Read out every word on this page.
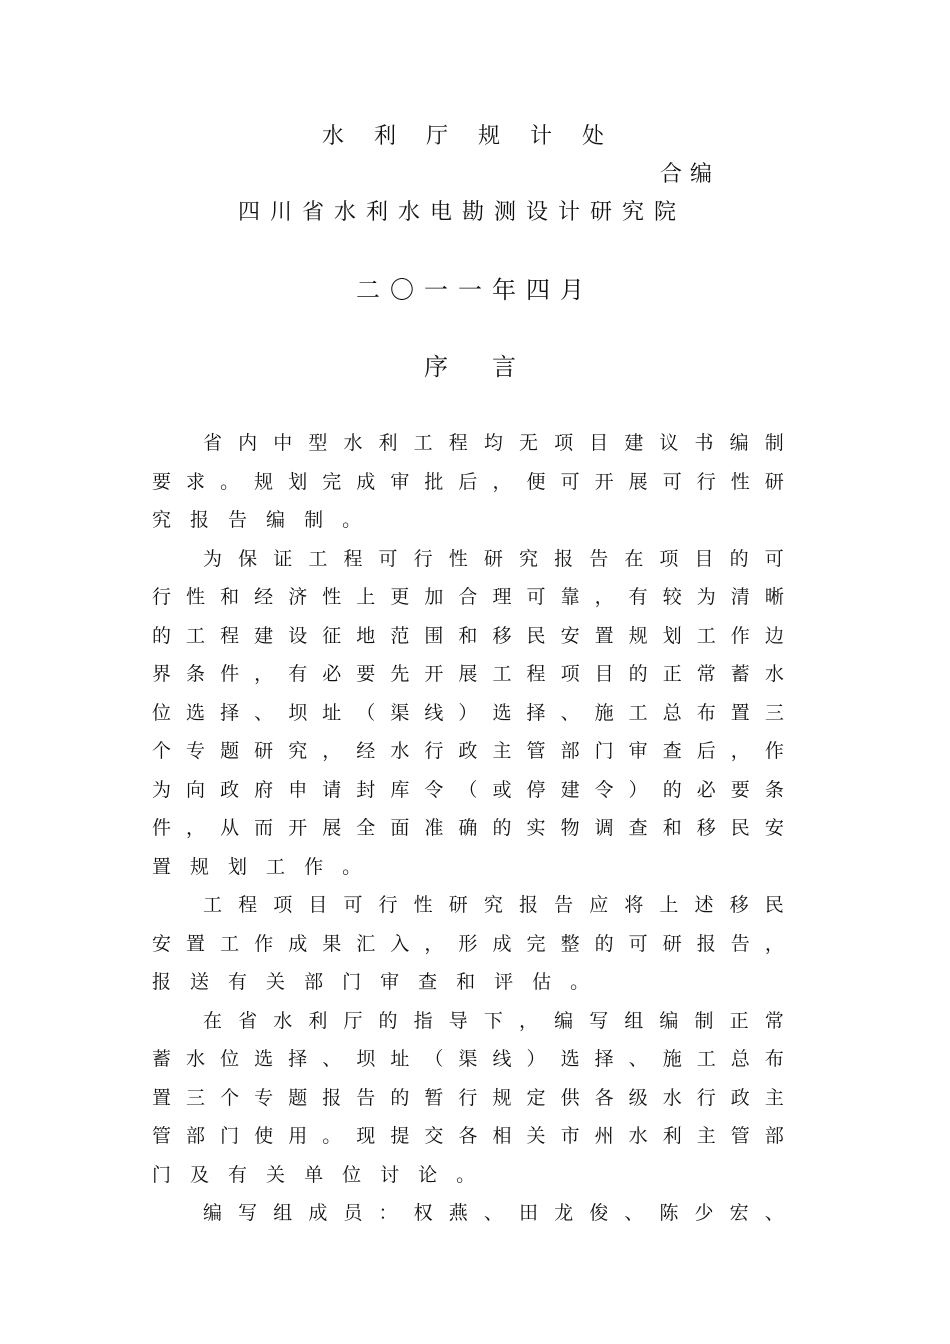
水利厅规计处
合编
四川省水利水电勘测设计研究院
二〇一一年四月
序言
省 内 中 型 水 利 工 程 均 无 项 目 建 议 书 编 制
要 求 。 规 划 完 成 审 批 后 ， 便 可 开 展 可 行 性 研
究 报 告 编 制 。
为 保 证 工 程 可 行 性 研 究 报 告 在 项 目 的 可
行 性 和 经 济 性 上 更 加 合 理 可 靠 ， 有 较 为 清 晰
的 工 程 建 设 征 地 范 围 和 移 民 安 置 规 划 工 作 边
界 条 件 ， 有 必 要 先 开 展 工 程 项 目 的 正 常 蓄 水
位 选 择 、 坝 址 （ 渠 线 ） 选 择 、 施 工 总 布 置 三
个 专 题 研 究 ， 经 水 行 政 主 管 部 门 审 查 后 ， 作
为 向 政 府 申 请 封 库 令 （ 或 停 建 令 ） 的 必 要 条
件 ， 从 而 开 展 全 面 准 确 的 实 物 调 查 和 移 民 安
置 规 划 工 作 。
工 程 项 目 可 行 性 研 究 报 告 应 将 上 述 移 民
安 置 工 作 成 果 汇 入 ， 形 成 完 整 的 可 研 报 告 ，
报 送 有 关 部 门 审 查 和 评 估 。
在 省 水 利 厅 的 指 导 下 ， 编 写 组 编 制 正 常
蓄 水 位 选 择 、 坝 址 （ 渠 线 ） 选 择 、 施 工 总 布
置 三 个 专 题 报 告 的 暂 行 规 定 供 各 级 水 行 政 主
管 部 门 使 用 。 现 提 交 各 相 关 市 州 水 利 主 管 部
门 及 有 关 单 位 讨 论 。
编 写 组 成 员 ： 权 燕 、 田 龙 俊 、 陈 少 宏 、
